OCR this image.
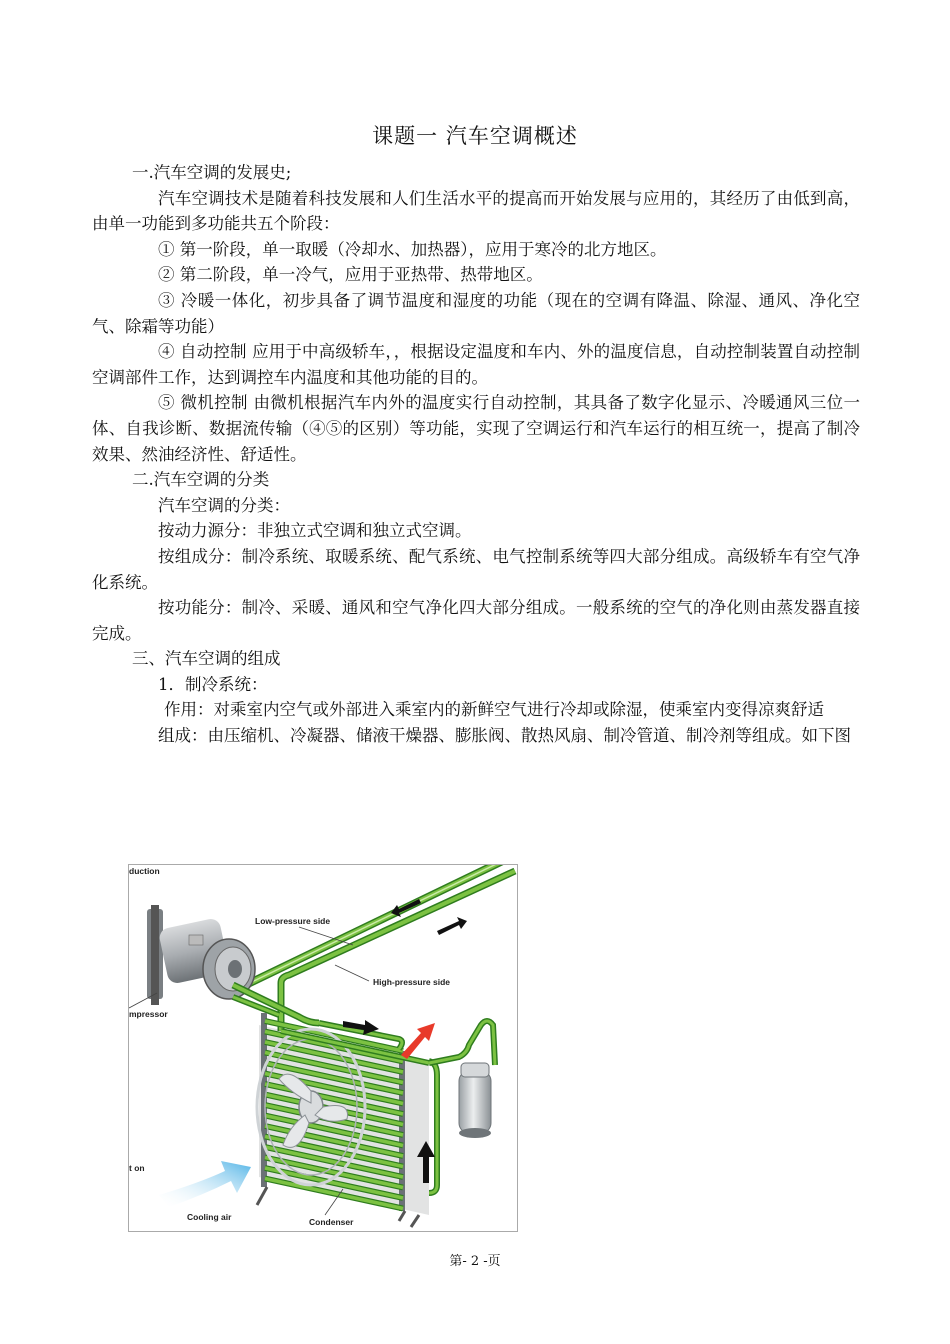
课题一 汽车空调概述

一.汽车空调的发展史;

汽车空调技术是随着科技发展和人们生活水平的提高而开始发展与应用的，其经历了由低到高，由单一功能到多功能共五个阶段：

① 第一阶段，单一取暖（冷却水、加热器），应用于寒冷的北方地区。

② 第二阶段，单一冷气，应用于亚热带、热带地区。

③ 冷暖一体化，初步具备了调节温度和湿度的功能（现在的空调有降温、除湿、通风、净化空气、除霜等功能）

④ 自动控制 应用于中高级轿车，，根据设定温度和车内、外的温度信息，自动控制装置自动控制空调部件工作，达到调控车内温度和其他功能的目的。

⑤ 微机控制 由微机根据汽车内外的温度实行自动控制，其具备了数字化显示、冷暖通风三位一体、自我诊断、数据流传输（④⑤的区别）等功能，实现了空调运行和汽车运行的相互统一，提高了制冷效果、然油经济性、舒适性。

二.汽车空调的分类

汽车空调的分类：

按动力源分：非独立式空调和独立式空调。

按组成分：制冷系统、取暖系统、配气系统、电气控制系统等四大部分组成。高级轿车有空气净化系统。

按功能分：制冷、采暖、通风和空气净化四大部分组成。一般系统的空气的净化则由蒸发器直接完成。

三、汽车空调的组成

1．制冷系统：

作用：对乘室内空气或外部进入乘室内的新鲜空气进行冷却或除湿，使乘室内变得凉爽舒适

组成：由压缩机、冷凝器、储液干燥器、膨胀阀、散热风扇、制冷管道、制冷剂等组成。如下图

duction
Low-pressure side
High-pressure side
mpressor
Cooling air	Condenser
t on
第- 2 -页
